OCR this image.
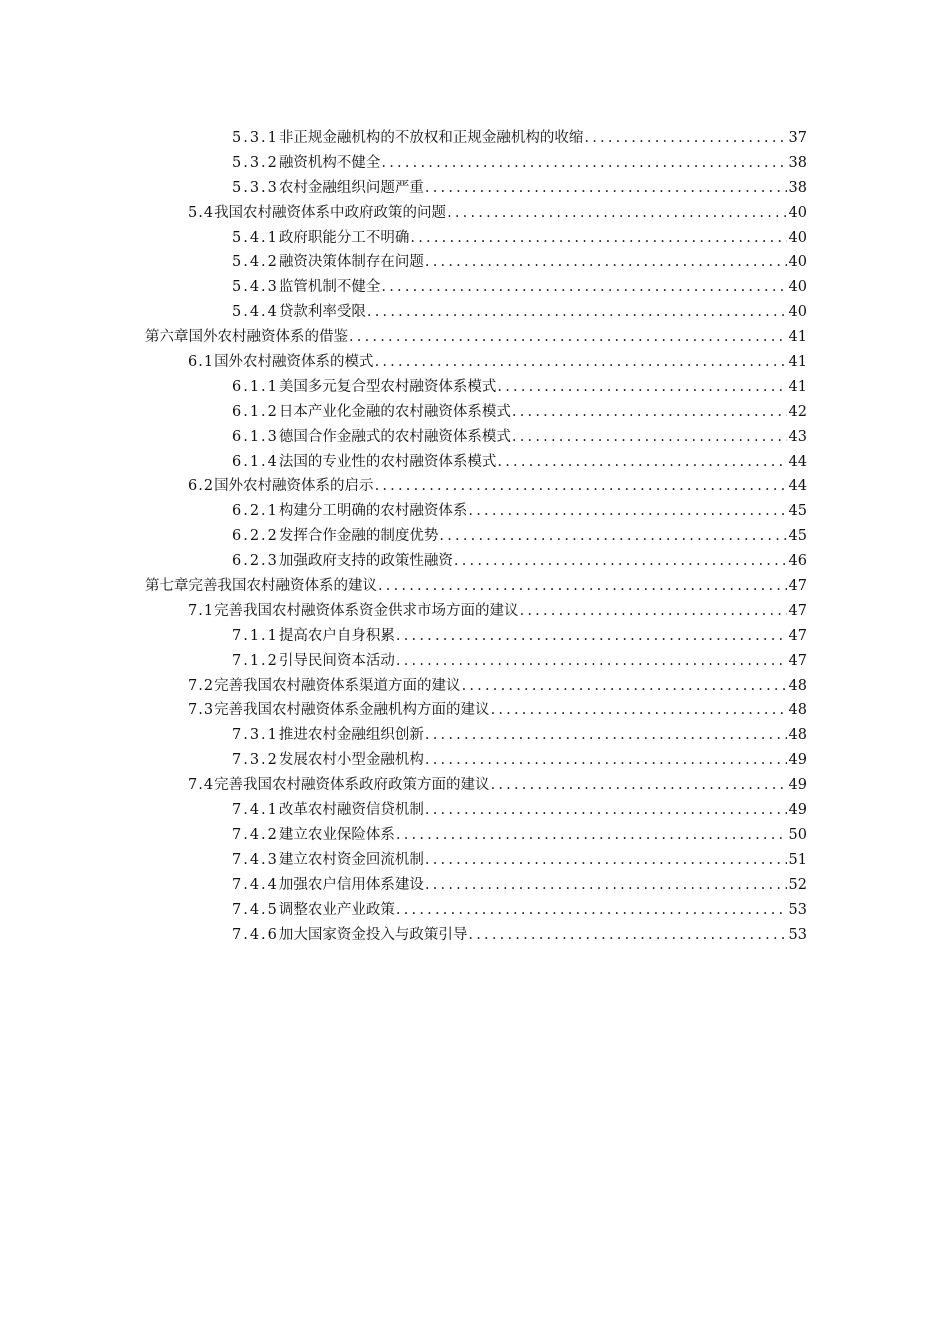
5.3.1 非正规金融机构的不放权和正规金融机构的收缩 .....	37
5.3.2 融资机构不健全 .....	38
5.3.3 农村金融组织问题严重 .....	38
5.4 我国农村融资体系中政府政策的问题 .....	40
5.4.1 政府职能分工不明确 .....	40
5.4.2 融资决策体制存在问题 .....	40
5.4.3 监管机制不健全 .....	40
5.4.4 贷款利率受限 .....	40
第六章 国外农村融资体系的借鉴 .....	41
6.1 国外农村融资体系的模式 .....	41
6.1.1 美国多元复合型农村融资体系模式 .....	41
6.1.2 日本产业化金融的农村融资体系模式 .....	42
6.1.3 德国合作金融式的农村融资体系模式 .....	43
6.1.4 法国的专业性的农村融资体系模式 .....	44
6.2 国外农村融资体系的启示 .....	44
6.2.1 构建分工明确的农村融资体系 .....	45
6.2.2 发挥合作金融的制度优势 .....	45
6.2.3 加强政府支持的政策性融资 .....	46
第七章 完善我国农村融资体系的建议 .....	47
7.1 完善我国农村融资体系资金供求市场方面的建议 .....	47
7.1.1 提高农户自身积累 .....	47
7.1.2 引导民间资本活动 .....	47
7.2 完善我国农村融资体系渠道方面的建议 .....	48
7.3 完善我国农村融资体系金融机构方面的建议 .....	48
7.3.1 推进农村金融组织创新 .....	48
7.3.2 发展农村小型金融机构 .....	49
7.4 完善我国农村融资体系政府政策方面的建议 .....	49
7.4.1 改革农村融资信贷机制 .....	49
7.4.2 建立农业保险体系 .....	50
7.4.3 建立农村资金回流机制 .....	51
7.4.4 加强农户信用体系建设 .....	52
7.4.5 调整农业产业政策 .....	53
7.4.6 加大国家资金投入与政策引导 .....	53
